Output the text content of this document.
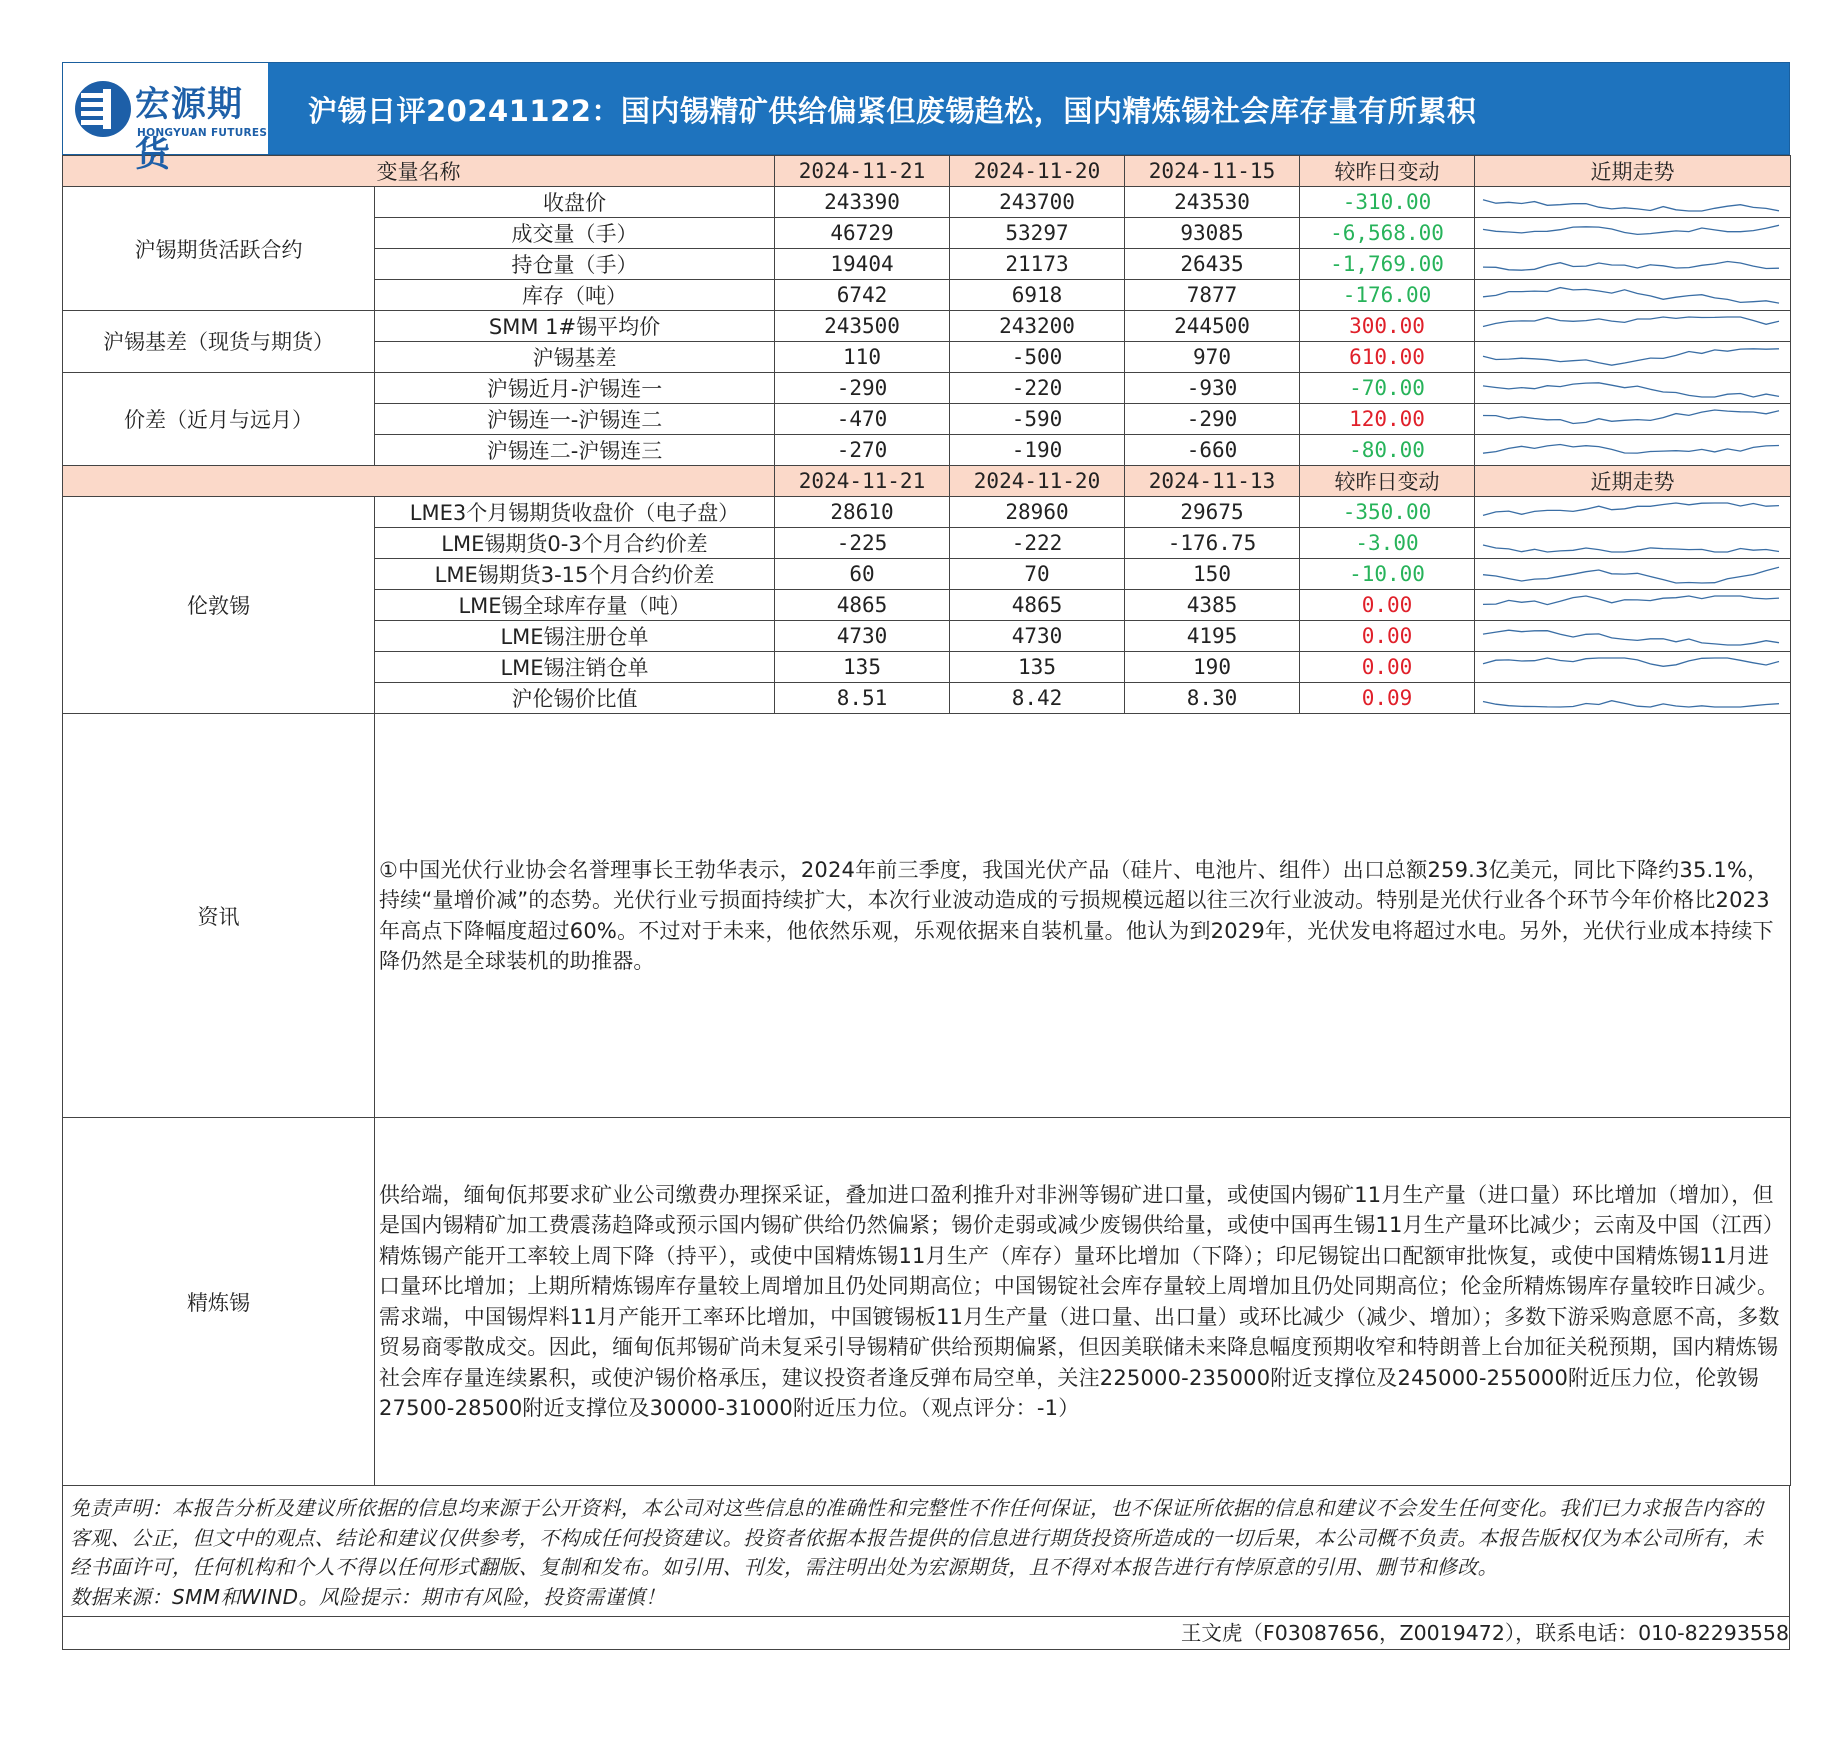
宏源期货
HONGYUAN FUTURES
沪锡日评20241122：国内锡精矿供给偏紧但废锡趋松，国内精炼锡社会库存量有所累积
变量名称		2024-11-21	2024-11-20	2024-11-15	较昨日变动	近期走势
沪锡期货活跃合约	收盘价	243390	243700	243530	-310.00	

	成交量（手）	46729	53297	93085	-6,568.00	

	持仓量（手）	19404	21173	26435	-1,769.00	

	库存（吨）	6742	6918	7877	-176.00	

沪锡基差（现货与期货）	SMM 1#锡平均价	243500	243200	244500	300.00	

	沪锡基差	110	-500	970	610.00	

价差（近月与远月）	沪锡近月-沪锡连一	-290	-220	-930	-70.00	

	沪锡连一-沪锡连二	-470	-590	-290	120.00	

	沪锡连二-沪锡连三	-270	-190	-660	-80.00	

		2024-11-21	2024-11-20	2024-11-13	较昨日变动	近期走势
伦敦锡	LME3个月锡期货收盘价（电子盘）	28610	28960	29675	-350.00	

	LME锡期货0-3个月合约价差	-225	-222	-176.75	-3.00	

	LME锡期货3-15个月合约价差	60	70	150	-10.00	

	LME锡全球库存量（吨）	4865	4865	4385	0.00	

	LME锡注册仓单	4730	4730	4195	0.00	

	LME锡注销仓单	135	135	190	0.00	

	沪伦锡价比值	8.51	8.42	8.30	0.09	

资讯	①中国光伏行业协会名誉理事长王勃华表示，2024年前三季度，我国光伏产品（硅片、电池片、组件）出口总额259.3亿美元，同比下降约35.1%，持续“量增价减”的态势。光伏行业亏损面持续扩大，本次行业波动造成的亏损规模远超以往三次行业波动。特别是光伏行业各个环节今年价格比2023年高点下降幅度超过60%。不过对于未来，他依然乐观，乐观依据来自装机量。他认为到2029年，光伏发电将超过水电。另外，光伏行业成本持续下降仍然是全球装机的助推器。					
精炼锡	供给端，缅甸佤邦要求矿业公司缴费办理探采证，叠加进口盈利推升对非洲等锡矿进口量，或使国内锡矿11月生产量（进口量）环比增加（增加），但是国内锡精矿加工费震荡趋降或预示国内锡矿供给仍然偏紧；锡价走弱或减少废锡供给量，或使中国再生锡11月生产量环比减少；云南及中国（江西）精炼锡产能开工率较上周下降（持平），或使中国精炼锡11月生产（库存）量环比增加（下降）；印尼锡锭出口配额审批恢复，或使中国精炼锡11月进口量环比增加；上期所精炼锡库存量较上周增加且仍处同期高位；中国锡锭社会库存量较上周增加且仍处同期高位；伦金所精炼锡库存量较昨日减少。需求端，中国锡焊料11月产能开工率环比增加，中国镀锡板11月生产量（进口量、出口量）或环比减少（减少、增加）；多数下游采购意愿不高，多数贸易商零散成交。因此，缅甸佤邦锡矿尚未复采引导锡精矿供给预期偏紧，但因美联储未来降息幅度预期收窄和特朗普上台加征关税预期，国内精炼锡社会库存量连续累积，或使沪锡价格承压，建议投资者逢反弹布局空单，关注225000-235000附近支撑位及245000-255000附近压力位，伦敦锡27500-28500附近支撑位及30000-31000附近压力位。（观点评分：-1）					
免责声明：本报告分析及建议所依据的信息均来源于公开资料，本公司对这些信息的准确性和完整性不作任何保证，也不保证所依据的信息和建议不会发生任何变化。我们已力求报告内容的客观、公正，但文中的观点、结论和建议仅供参考，不构成任何投资建议。投资者依据本报告提供的信息进行期货投资所造成的一切后果，本公司概不负责。本报告版权仅为本公司所有，未经书面许可，任何机构和个人不得以任何形式翻版、复制和发布。如引用、刊发，需注明出处为宏源期货，且不得对本报告进行有悖原意的引用、删节和修改。
数据来源：SMM和WIND。风险提示：期市有风险，投资需谨慎！
王文虎（F03087656，Z0019472），联系电话：010-82293558
